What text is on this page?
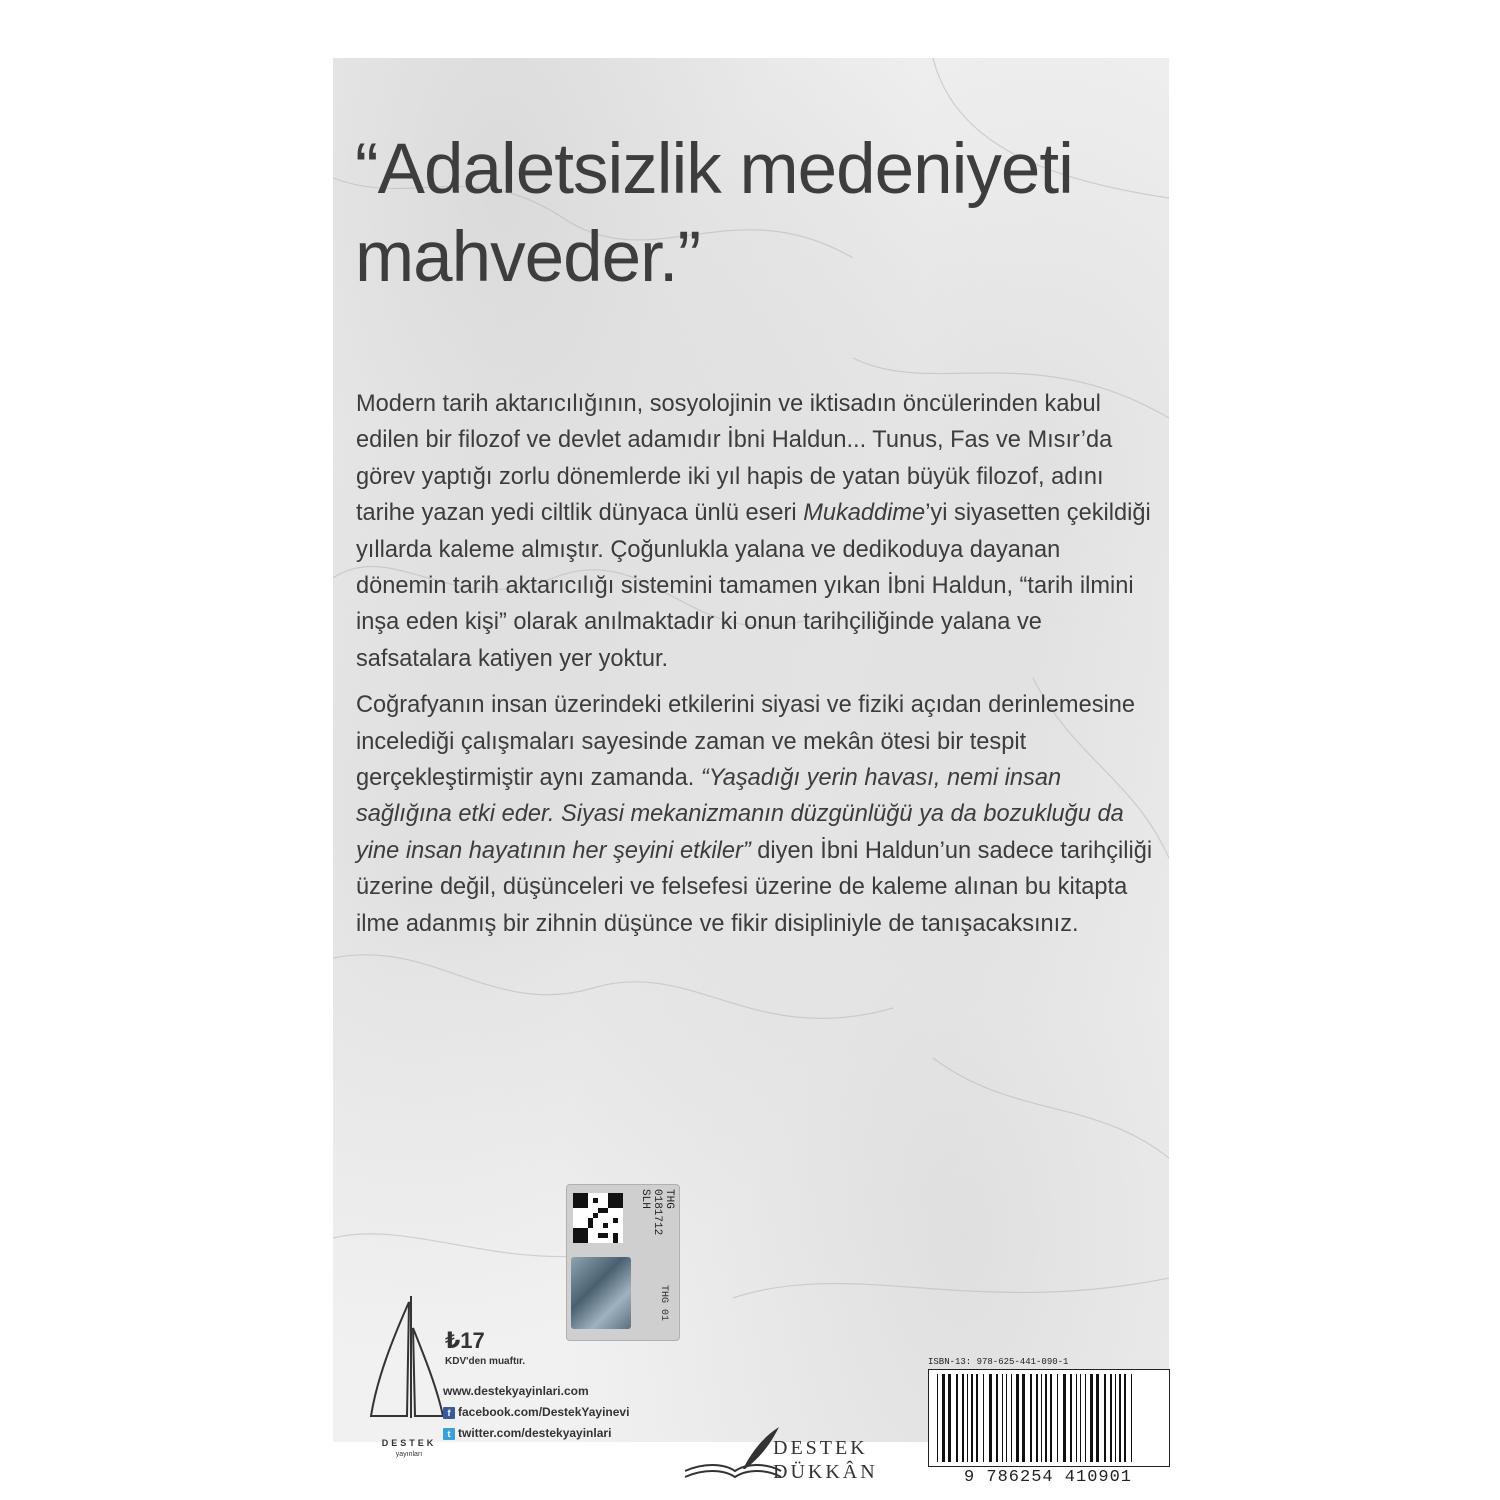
“Adaletsizlik medeniyeti mahveder.”

Modern tarih aktarıcılığının, sosyolojinin ve iktisadın öncülerinden kabul edilen bir filozof ve devlet adamıdır İbni Haldun... Tunus, Fas ve Mısır’da görev yaptığı zorlu dönemlerde iki yıl hapis de yatan büyük filozof, adını tarihe yazan yedi ciltlik dünyaca ünlü eseri Mukaddime’yi siyasetten çekildiği yıllarda kaleme almıştır. Çoğunlukla yalana ve dedikoduya dayanan dönemin tarih aktarıcılığı sistemini tamamen yıkan İbni Haldun, “tarih ilmini inşa eden kişi” olarak anılmaktadır ki onun tarihçiliğinde yalana ve safsatalara katiyen yer yoktur.

Coğrafyanın insan üzerindeki etkilerini siyasi ve fiziki açıdan derinlemesine incelediği çalışmaları sayesinde zaman ve mekân ötesi bir tespit gerçekleştirmiştir aynı zamanda. “Yaşadığı yerin havası, nemi insan sağlığına etki eder. Siyasi mekanizmanın düzgünlüğü ya da bozukluğu da yine insan hayatının her şeyini etkiler” diyen İbni Haldun’un sadece tarihçiliği üzerine değil, düşünceleri ve felsefesi üzerine de kaleme alınan bu kitapta ilme adanmış bir zihnin düşünce ve fikir disipliniyle de tanışacaksınız.

THG
0181712
SLH
THG 01
DESTEK
yayınları
₺17
KDV'den muaftır.
www.destekyayinlari.com
f facebook.com/DestekYayinevi
t twitter.com/destekyayinlari
DESTEK
DÜKKÂN
ISBN-13: 978-625-441-090-1
9 786254 410901
